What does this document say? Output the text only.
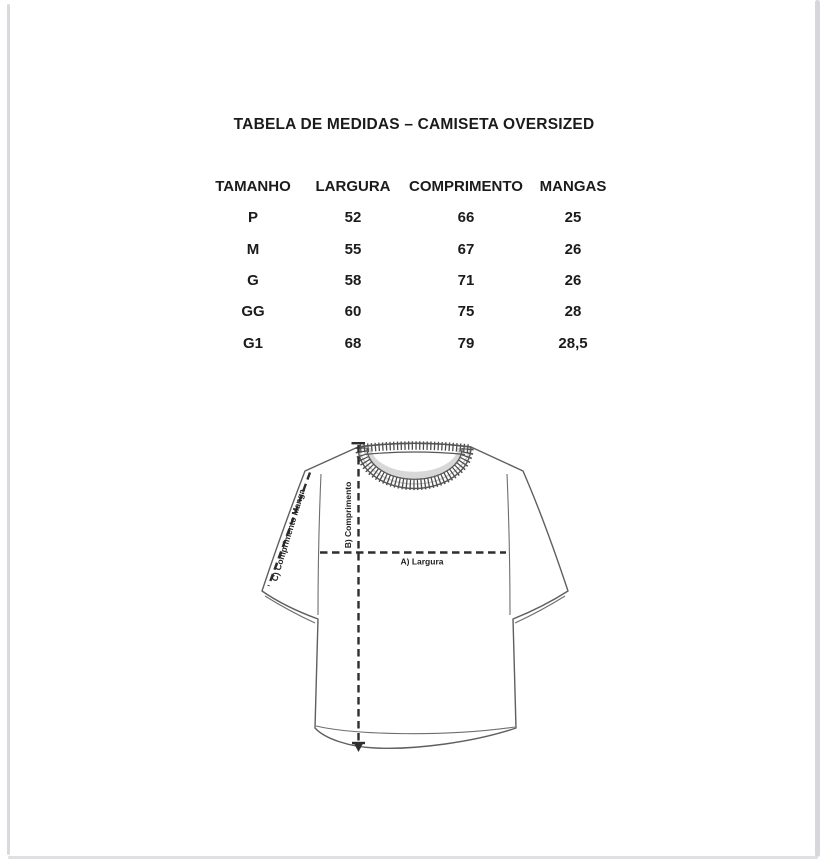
TABELA DE MEDIDAS – CAMISETA OVERSIZED
TAMANHO	LARGURA	COMPRIMENTO	MANGAS
P	52	66	25
M	55	67	26
G	58	71	26
GG	60	75	28
G1	68	79	28,5
A) Largura
B) Comprimento
C) Comprimento Manga
